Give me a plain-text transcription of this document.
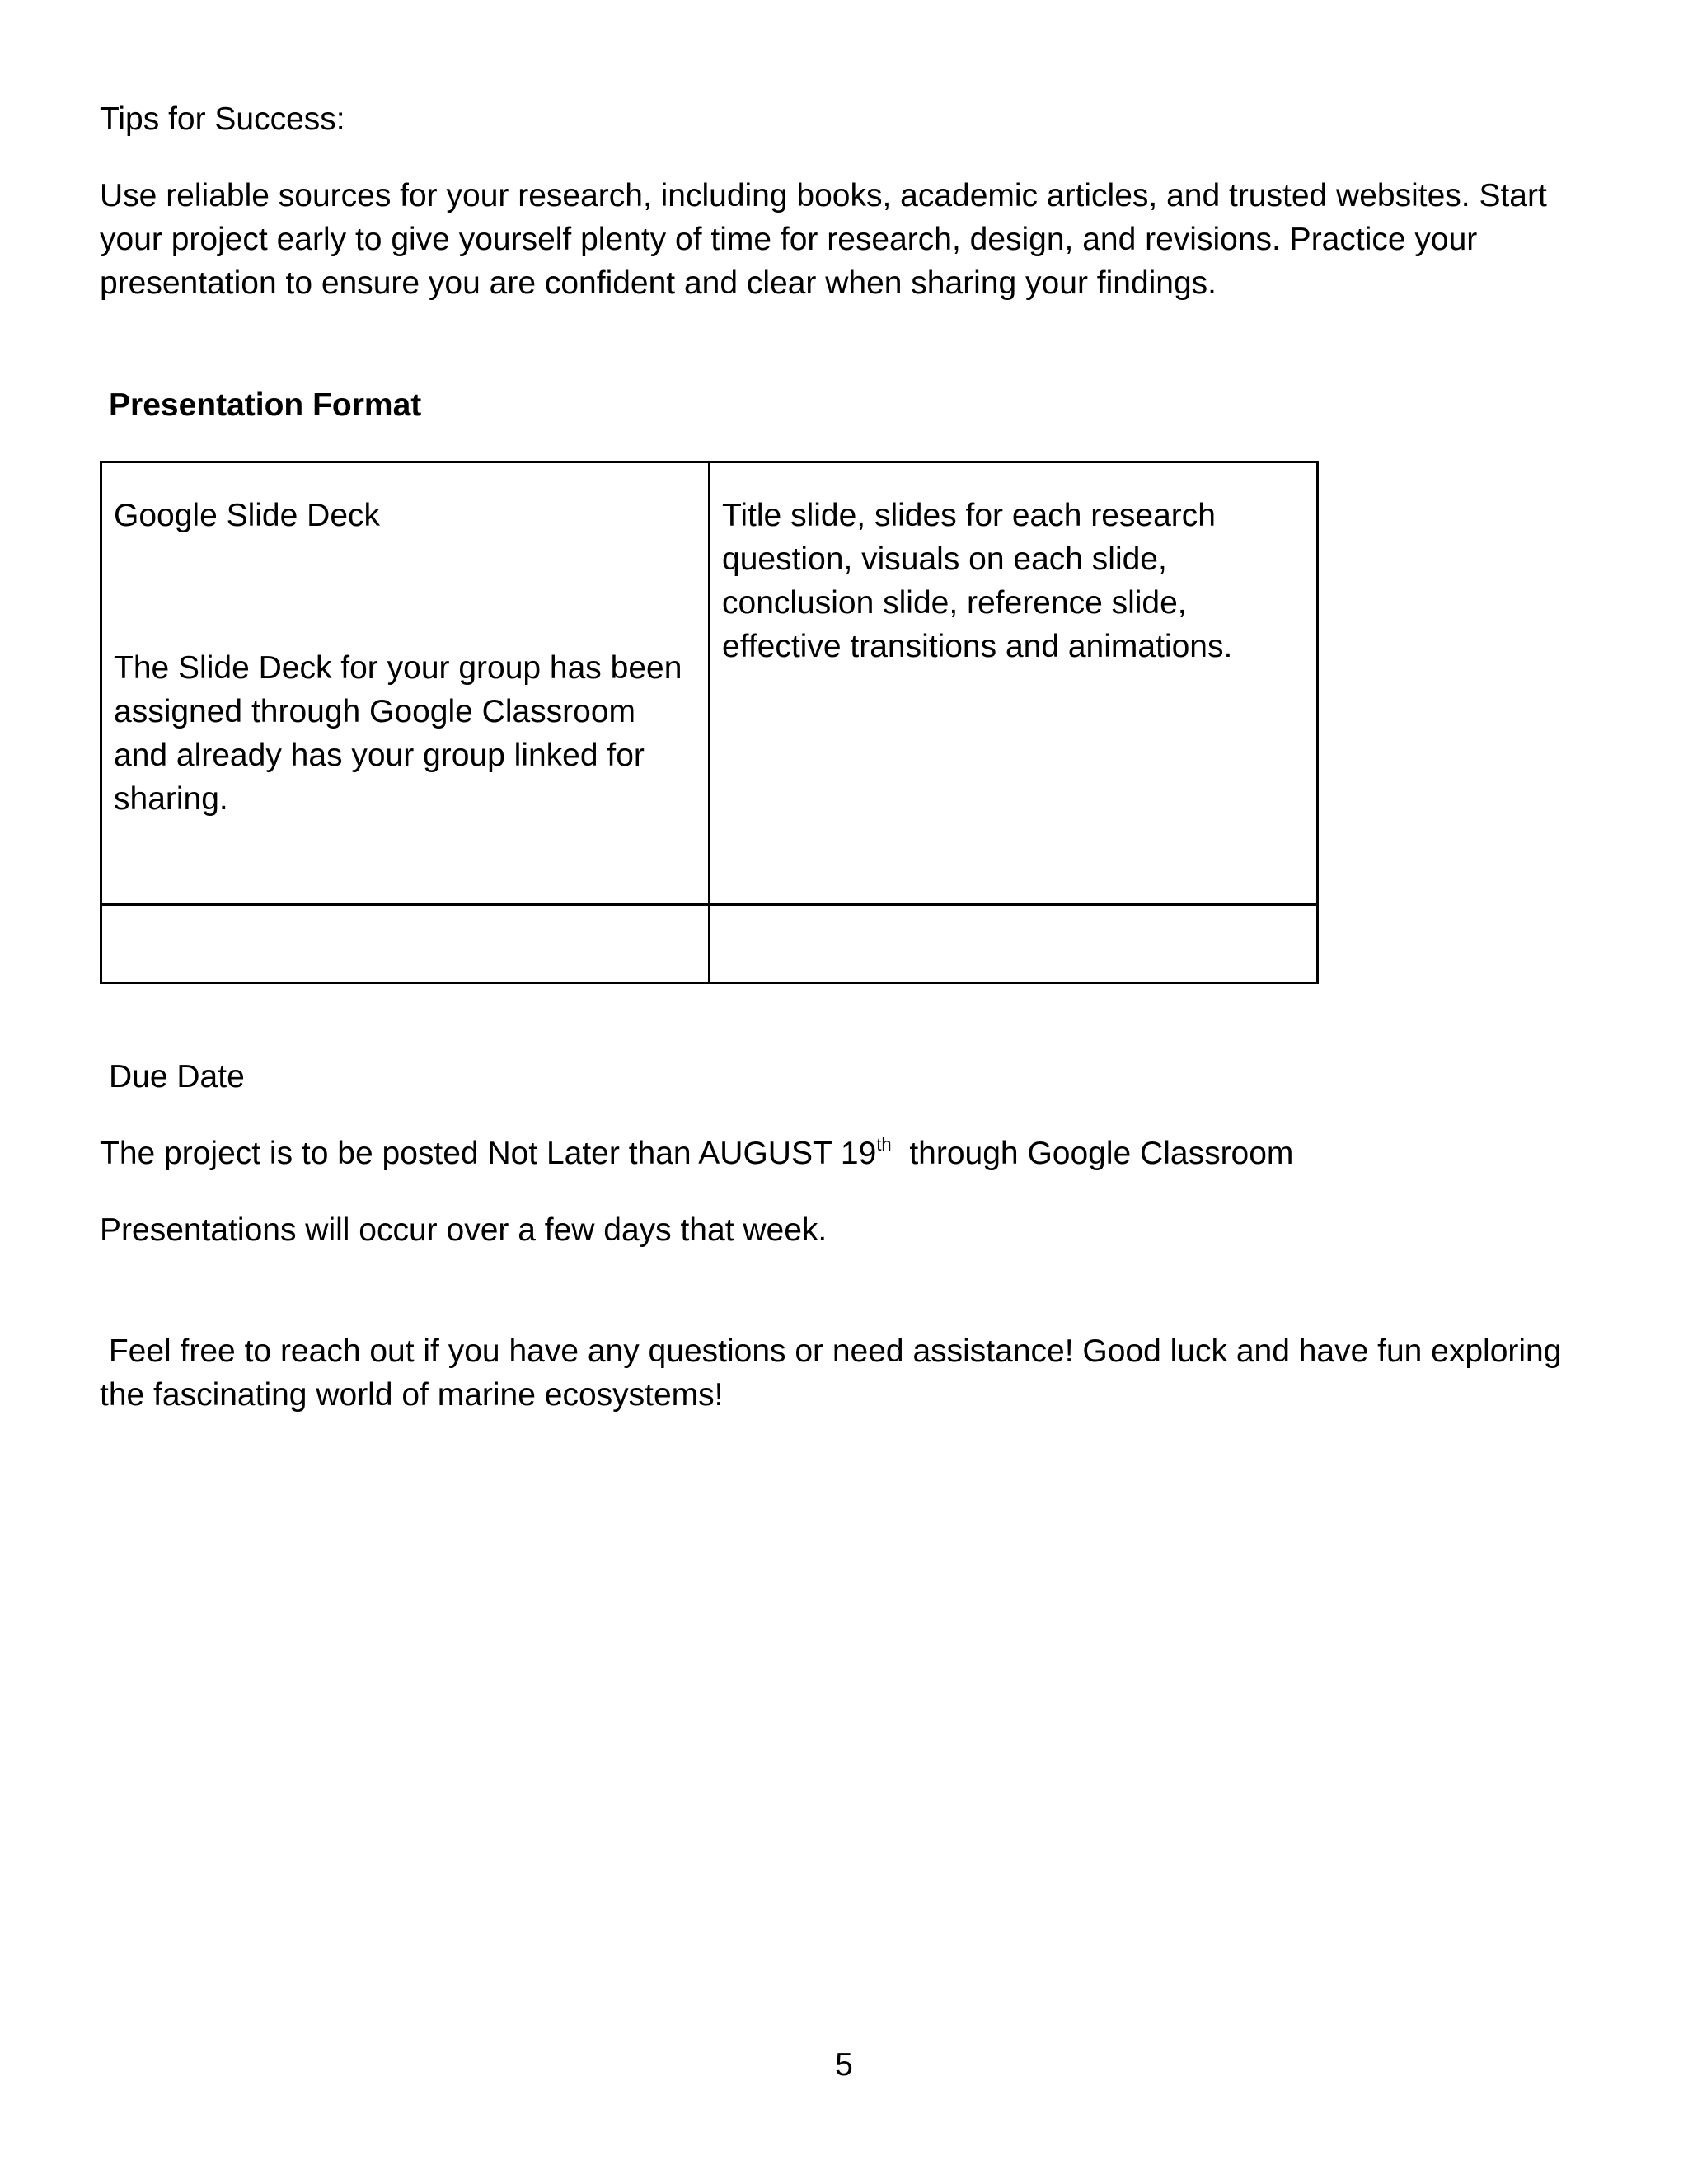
Tips for Success:

Use reliable sources for your research, including books, academic articles, and trusted websites. Start your project early to give yourself plenty of time for research, design, and revisions. Practice your presentation to ensure you are confident and clear when sharing your findings.

Presentation Format

Google Slide Deck
The Slide Deck for your group has been assigned through Google Classroom and already has your group linked for sharing.	Title slide, slides for each research question, visuals on each slide, conclusion slide, reference slide, effective transitions and animations.

Due Date

The project is to be posted Not Later than AUGUST 19th  through Google Classroom

Presentations will occur over a few days that week.

Feel free to reach out if you have any questions or need assistance! Good luck and have fun exploring the fascinating world of marine ecosystems!

5
